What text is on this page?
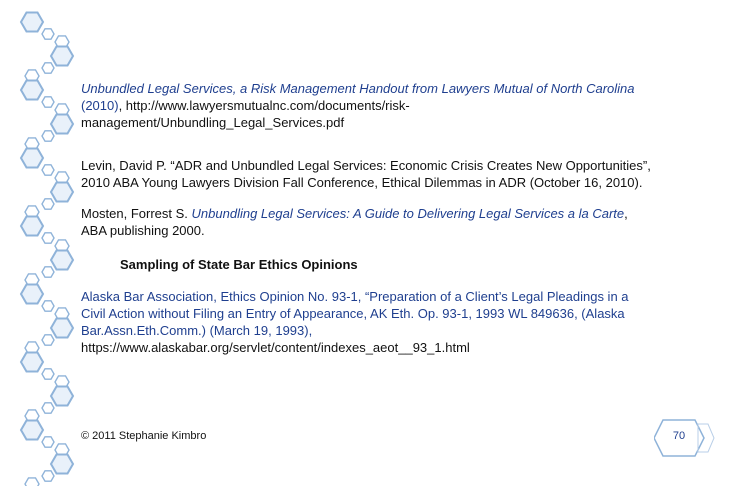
Unbundled Legal Services, a Risk Management Handout from Lawyers Mutual of North Carolina (2010), http://www.lawyersmutualnc.com/documents/risk-management/Unbundling_Legal_Services.pdf

Levin, David P. “ADR and Unbundled Legal Services: Economic Crisis Creates New Opportunities”, 2010 ABA Young Lawyers Division Fall Conference, Ethical Dilemmas in ADR (October 16, 2010).

Mosten, Forrest S. Unbundling Legal Services: A Guide to Delivering Legal Services a la Carte, ABA publishing 2000.

Sampling of State Bar Ethics Opinions

Alaska Bar Association, Ethics Opinion No. 93-1, “Preparation of a Client’s Legal Pleadings in a Civil Action without Filing an Entry of Appearance, AK Eth. Op. 93-1, 1993 WL 849636, (Alaska Bar.Assn.Eth.Comm.) (March 19, 1993),
https://www.alaskabar.org/servlet/content/indexes_aeot__93_1.html

© 2011 Stephanie Kimbro	70
